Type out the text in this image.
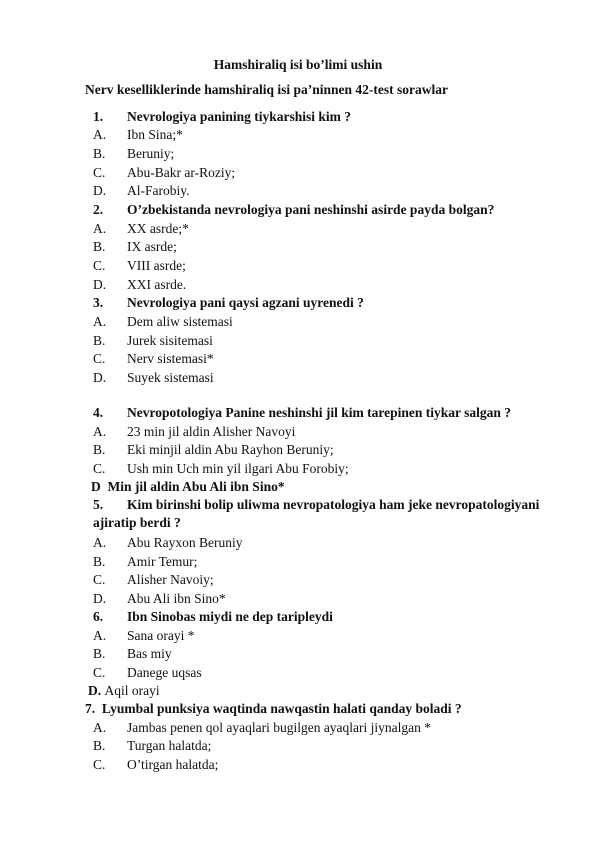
Hamshiraliq isi bo’limi ushin
Nerv keselliklerinde hamshiraliq isi pa’ninnen 42-test sorawlar
1. Nevrologiya panining tiykarshisi kim ?
A. Ibn Sina;*
B. Beruniy;
C. Abu-Bakr ar-Roziy;
D. Al-Farobiy.
2. O’zbekistanda nevrologiya pani neshinshi asirde payda bolgan?
A. XX asrde;*
B. IX asrde;
C. VIII asrde;
D. XXI asrde.
3. Nevrologiya pani qaysi agzani uyrenedi ?
A. Dem aliw sistemasi
B. Jurek sisitemasi
C. Nerv sistemasi*
D. Suyek sistemasi
4. Nevropotologiya Panine neshinshi jil kim tarepinen tiykar salgan ?
A. 23 min jil aldin Alisher Navoyi
B. Eki minjil aldin Abu Rayhon Beruniy;
C. Ush min Uch min yil ilgari Abu Forobiy;
D Min jil aldin Abu Ali ibn Sino*
5. Kim birinshi bolip uliwma nevropatologiya ham jeke nevropatologiyani ajiratip berdi ?
A. Abu Rayxon Beruniy
B. Amir Temur;
C. Alisher Navoiy;
D. Abu Ali ibn Sino*
6. Ibn Sinobas miydi ne dep taripleydi
A. Sana orayi *
B. Bas miy
C. Danege uqsas
D. Aqil orayi
7. Lyumbal punksiya waqtinda nawqastin halati qanday boladi ?
A. Jambas penen qol ayaqlari bugilgen ayaqlari jiynalgan *
B. Turgan halatda;
C. O’tirgan halatda;
